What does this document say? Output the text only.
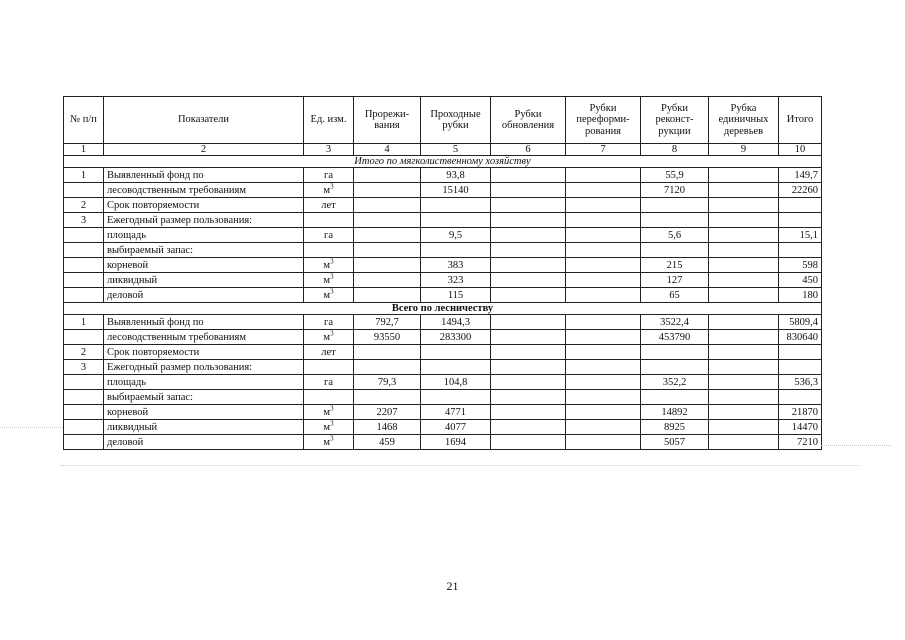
№ п/п	Показатели	Ед. изм.	Прорежи-вания	Проходные рубки	Рубки обновления	Рубки переформи-рования	Рубки реконст-рукции	Рубка единичных деревьев	Итого
1	2	3	4	5	6	7	8	9	10
Итого по мягколиственному хозяйству									
1	Выявленный фонд по	га		93,8			55,9		149,7
	лесоводственным требованиям	$м^3$		15140			7120		22260
2	Срок повторяемости	лет							
3	Ежегодный размер пользования:								
	площадь	га		9,5			5,6		15,1
	выбираемый запас:								
	корневой	$м^3$		383			215		598
	ликвидный	$м^3$		323			127		450
	деловой	$м^3$		115			65		180
Всего по лесничеству									
1	Выявленный фонд по	га	792,7	1494,3			3522,4		5809,4
	лесоводственным требованиям	$м^3$	93550	283300			453790		830640
2	Срок повторяемости	лет							
3	Ежегодный размер пользования:								
	площадь	га	79,3	104,8			352,2		536,3
	выбираемый запас:								
	корневой	$м^3$	2207	4771			14892		21870
	ликвидный	$м^3$	1468	4077			8925		14470
	деловой	$м^3$	459	1694			5057		7210
21
